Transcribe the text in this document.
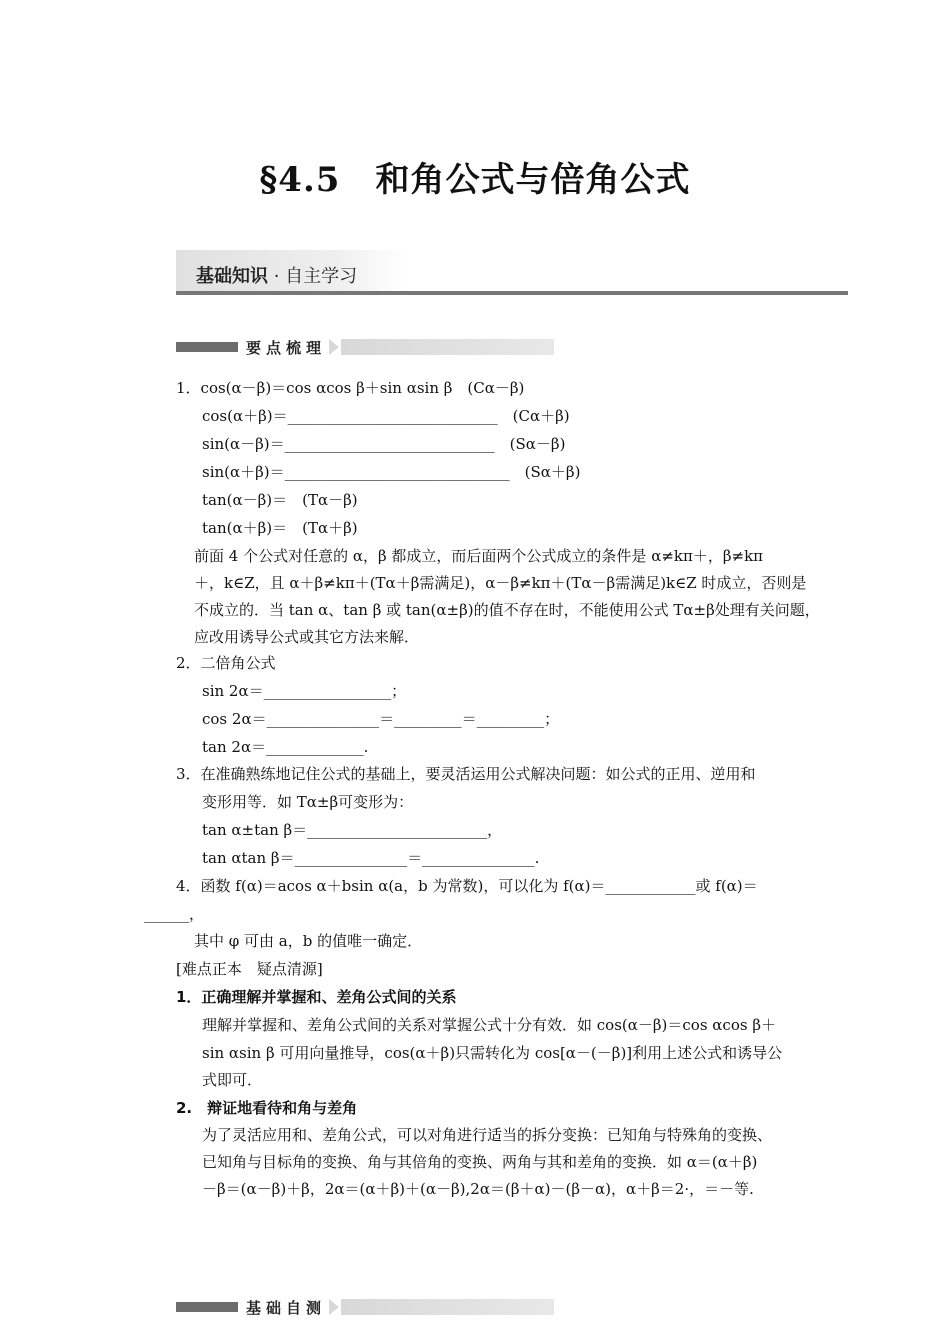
§4.5　和角公式与倍角公式
基础知识 · 自主学习
要点梳理
1．cos(α－β)＝cos αcos β＋sin αsin β　(Cα－β)
cos(α＋β)＝____________________________　(Cα＋β)
sin(α－β)＝____________________________　(Sα－β)
sin(α＋β)＝______________________________　(Sα＋β)
tan(α－β)＝　(Tα－β)
tan(α＋β)＝　(Tα＋β)
前面 4 个公式对任意的 α，β 都成立，而后面两个公式成立的条件是 α≠kπ＋，β≠kπ
＋，k∈Z，且 α＋β≠kπ＋(Tα＋β需满足)，α－β≠kπ＋(Tα－β需满足)k∈Z 时成立，否则是
不成立的．当 tan α、tan β 或 tan(α±β)的值不存在时，不能使用公式 Tα±β处理有关问题，
应改用诱导公式或其它方法来解．
2．二倍角公式
sin 2α＝_________________；
cos 2α＝_______________＝_________＝_________；
tan 2α＝_____________.
3．在准确熟练地记住公式的基础上，要灵活运用公式解决问题：如公式的正用、逆用和
变形用等．如 Tα±β可变形为：
tan α±tan β＝________________________，
tan αtan β＝_______________＝_______________.
4．函数 f(α)＝acos α＋bsin α(a，b 为常数)，可以化为 f(α)＝____________或 f(α)＝
______，
其中 φ 可由 a，b 的值唯一确定．
[难点正本　疑点清源]
1．正确理解并掌握和、差角公式间的关系
理解并掌握和、差角公式间的关系对掌握公式十分有效．如 cos(α－β)＝cos αcos β＋
sin αsin β 可用向量推导，cos(α＋β)只需转化为 cos[α－(－β)]利用上述公式和诱导公
式即可．
2.　辩证地看待和角与差角
为了灵活应用和、差角公式，可以对角进行适当的拆分变换：已知角与特殊角的变换、
已知角与目标角的变换、角与其倍角的变换、两角与其和差角的变换．如 α＝(α＋β)
－β＝(α－β)＋β，2α＝(α＋β)＋(α－β),2α＝(β＋α)－(β－α)，α＋β＝2·，＝－等.
基础自测
